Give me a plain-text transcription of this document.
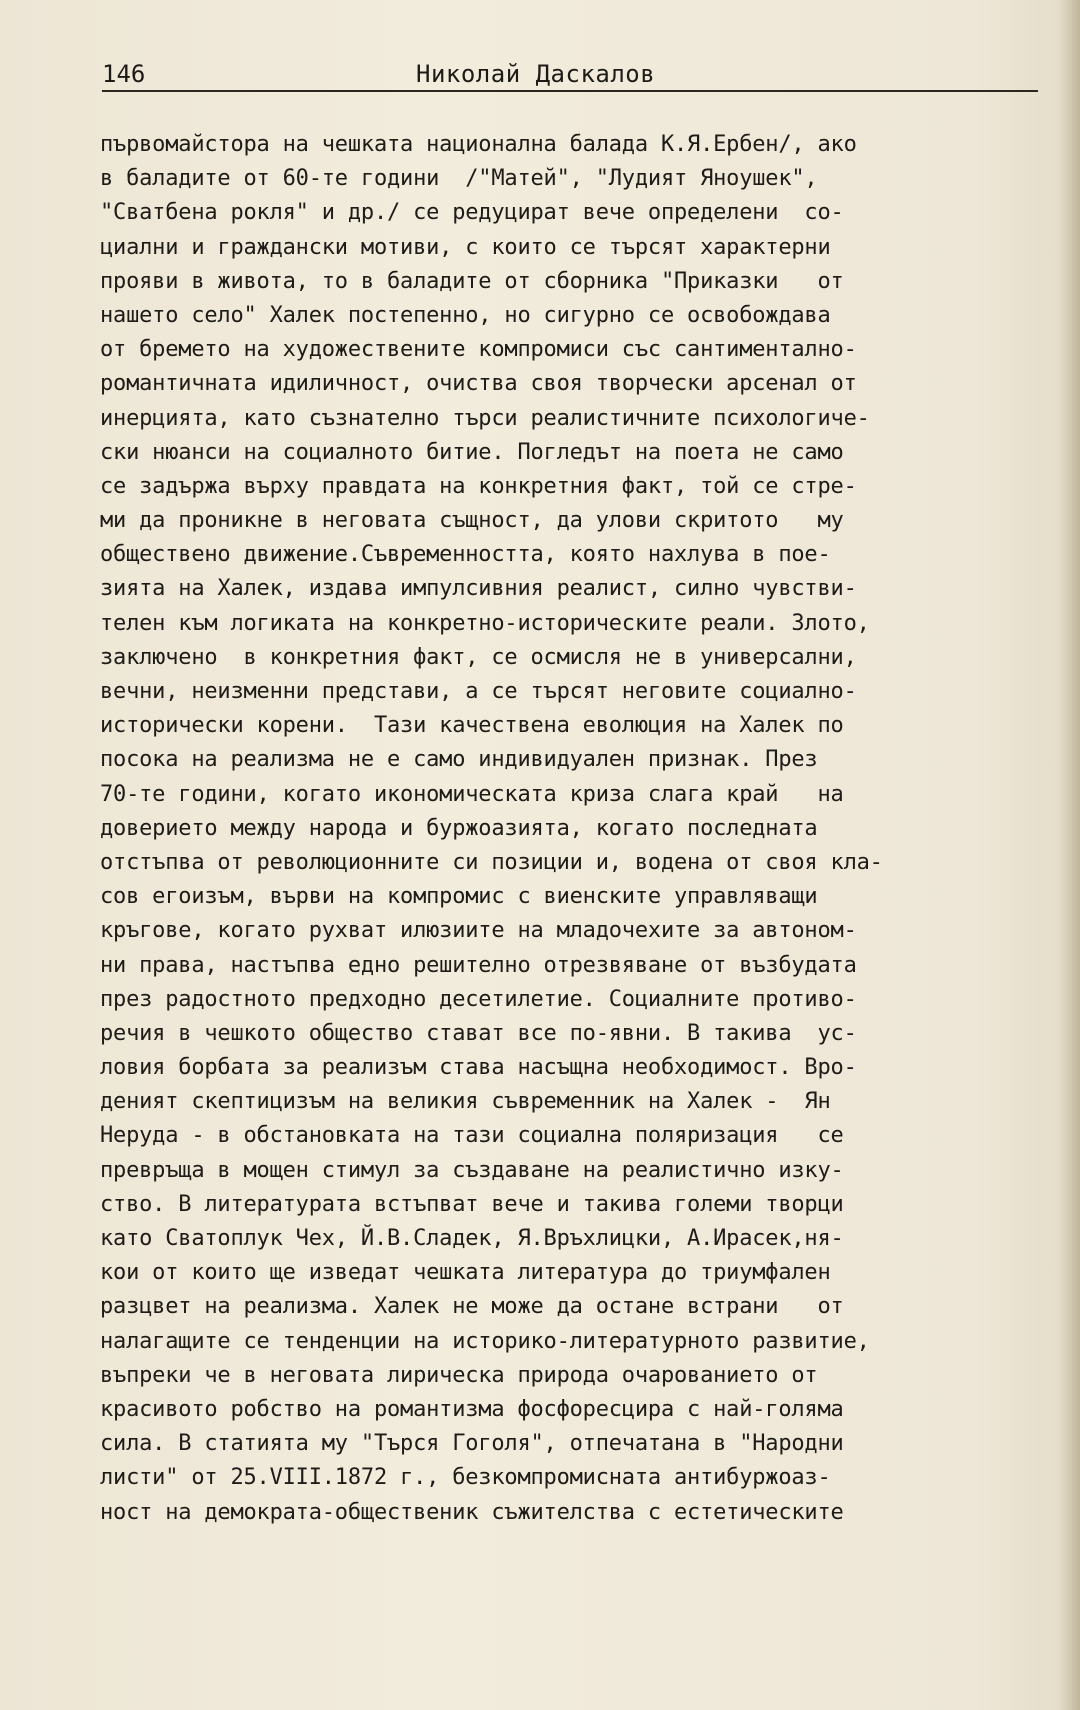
146	Николай Даскалов
първомайстора на чешката национална балада К.Я.Ербен/, ако
в баладите от 60-те години  /"Матей", "Лудият Яноушек",
"Сватбена рокля" и др./ се редуцират вече определени  со-
циални и граждански мотиви, с които се търсят характерни
прояви в живота, то в баладите от сборника "Приказки   от
нашето село" Халек постепенно, но сигурно се освобождава
от бремето на художествените компромиси със сантиментално-
романтичната идиличност, очиства своя творчески арсенал от
инерцията, като съзнателно търси реалистичните психологиче-
ски нюанси на социалното битие. Погледът на поета не само
се задържа върху правдата на конкретния факт, той се стре-
ми да проникне в неговата същност, да улови скритото   му
обществено движение.Съвременността, която нахлува в пое-
зията на Халек, издава импулсивния реалист, силно чувстви-
телен към логиката на конкретно-историческите реали. Злото,
заключено  в конкретния факт, се осмисля не в универсални,
вечни, неизменни представи, а се търсят неговите социално-
исторически корени.  Тази качествена еволюция на Халек по
посока на реализма не е само индивидуален признак. През
70-те години, когато икономическата криза слага край   на
доверието между народа и буржоазията, когато последната
отстъпва от революционните си позиции и, водена от своя кла-
сов егоизъм, върви на компромис с виенските управляващи
кръгове, когато рухват илюзиите на младочехите за автоном-
ни права, настъпва едно решително отрезвяване от възбудата
през радостното предходно десетилетие. Социалните противо-
речия в чешкото общество стават все по-явни. В такива  ус-
ловия борбата за реализъм става насъщна необходимост. Вро-
деният скептицизъм на великия съвременник на Халек -  Ян
Неруда - в обстановката на тази социална поляризация   се
превръща в мощен стимул за създаване на реалистично изку-
ство. В литературата встъпват вече и такива големи творци
като Сватоплук Чех, Й.В.Сладек, Я.Връхлицки, А.Ирасек,ня-
кои от които ще изведат чешката литература до триумфален
разцвет на реализма. Халек не може да остане встрани   от
налагащите се тенденции на историко-литературното развитие,
въпреки че в неговата лирическа природа очарованието от
красивото робство на романтизма фосфоресцира с най-голяма
сила. В статията му "Търся Гоголя", отпечатана в "Народни
листи" от 25.VIII.1872 г., безкомпромисната антибуржоаз-
ност на демократа-общественик съжителства с естетическите
